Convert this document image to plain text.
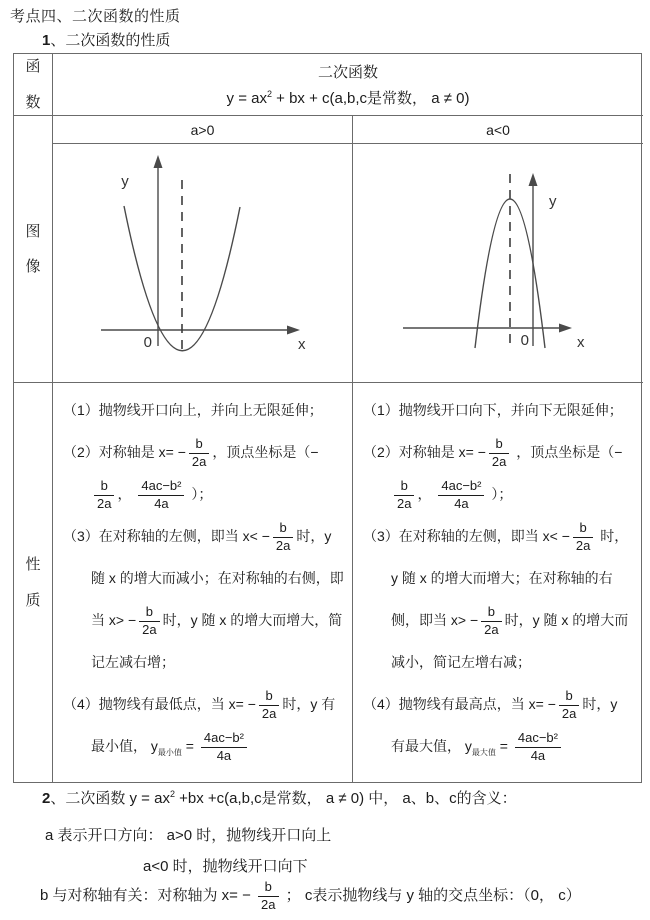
考点四、二次函数的性质
1、二次函数的性质
函数
二次函数
$y = ax^2$ + bx + c(a,b,c是常数， a ≠ 0)
图像
a>0	a<0
y
x
0
y
x
0
性质
（1）抛物线开口向上，并向上无限延伸；
（2）对称轴是 $x= - \frac{b}{2a}$ ，顶点坐标是（−
$\frac{b}{2a}$ ， $\frac{\text{4ac−b²}}{4a}$ ）；
（3）在对称轴的左侧，即当 $x< - \frac{b}{2a}$ 时，y 随 x 的增大而减小；在对称轴的右侧，即当 $x> - \frac{b}{2a}$ 时，y 随 x 的增大而增大，简记左减右增；
（4）抛物线有最低点，当 $x= - \frac{b}{2a}$ 时，y 有最小值， $y_{最小值} = \frac{\text{4ac−b²}}{4a}$
（1）抛物线开口向下，并向下无限延伸；
（2）对称轴是 $x= - \frac{b}{2a}$ ，顶点坐标是（−
$\frac{b}{2a}$ ， $\frac{\text{4ac−b²}}{4a}$ ）；
（3）在对称轴的左侧，即当 $x< - \frac{b}{2a}$ 时，y 随 x 的增大而增大；在对称轴的右侧，即当 $x> - \frac{b}{2a}$ 时，y 随 x 的增大而减小，简记左增右减；
（4）抛物线有最高点，当 $x= - \frac{b}{2a}$ 时，y 有最大值， $y_{最大值} = \frac{\text{4ac−b²}}{4a}$
2、二次函数 $y = ax^2 +bx +c(a,b,c$是常数， a ≠ 0) 中， a、b、c的含义：
a 表示开口方向： a>0 时，抛物线开口向上
a<0 时，抛物线开口向下
b 与对称轴有关：对称轴为 $x= - \frac{b}{2a}$ ； c表示抛物线与 y 轴的交点坐标：（0， c）
